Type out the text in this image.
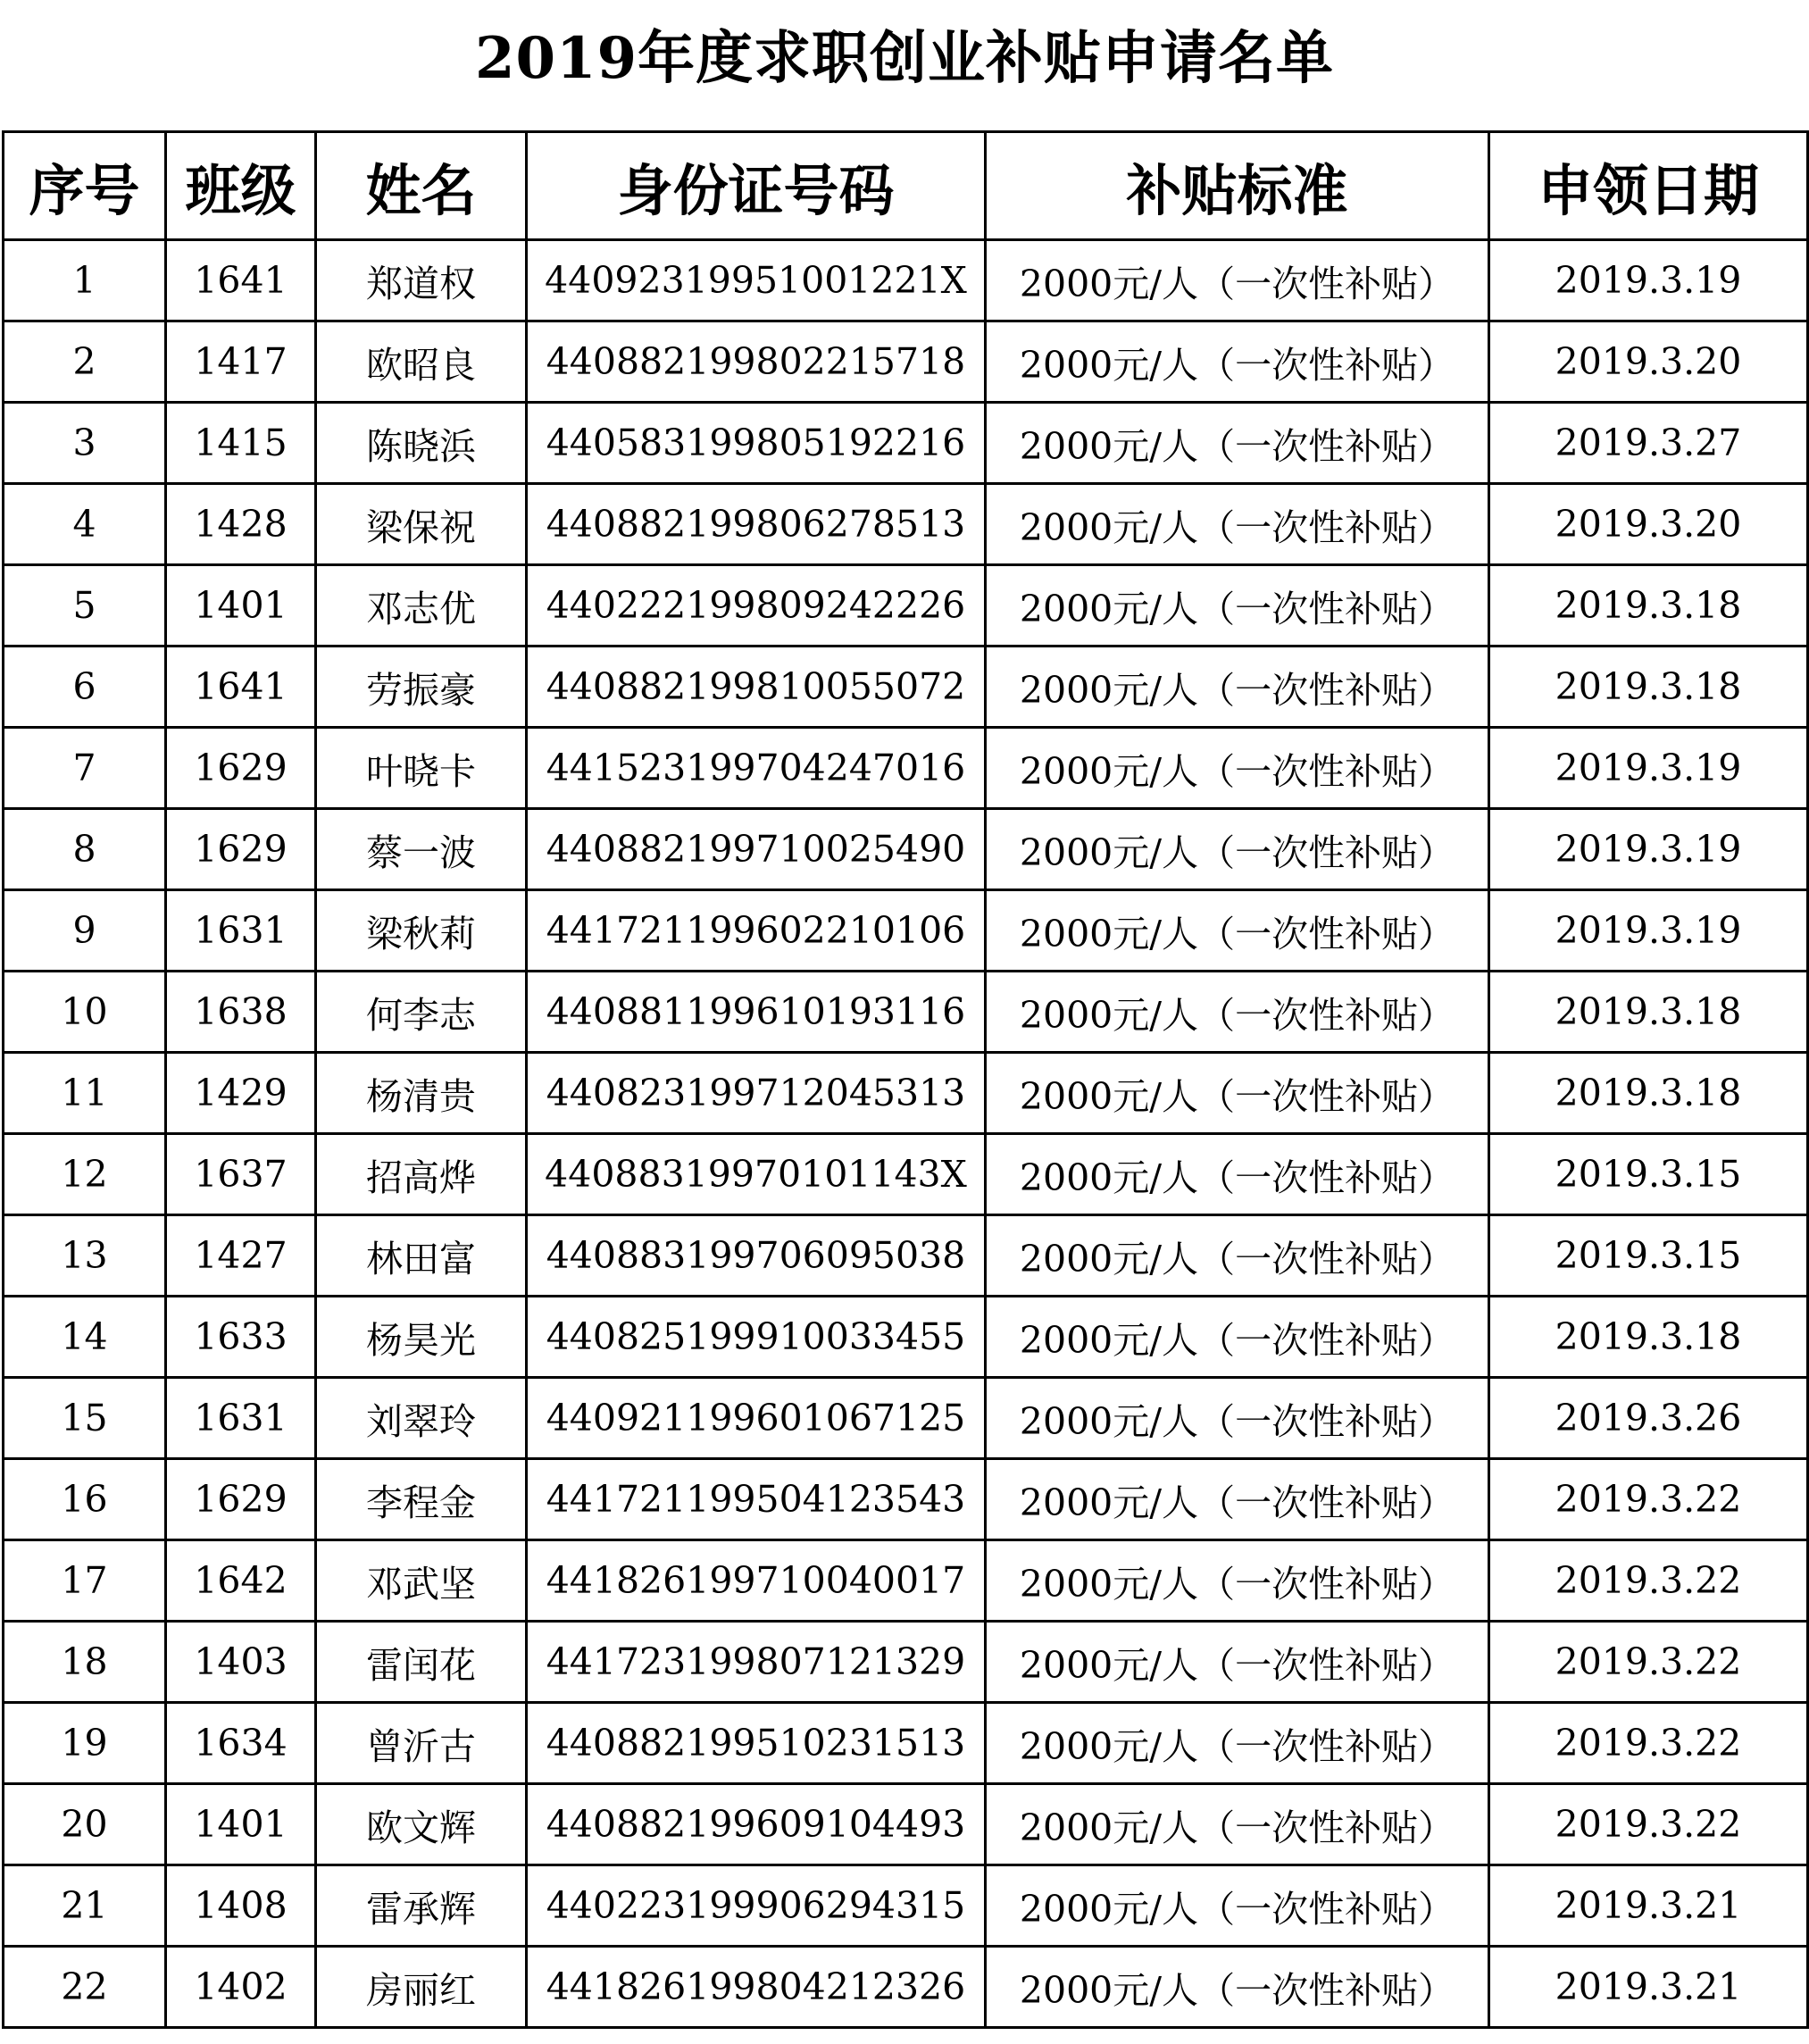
2019年度求职创业补贴申请名单
序号	班级	姓名	身份证号码	补贴标准	申领日期
1	1641	郑道权	44092319951001221X	2000元/人（一次性补贴）	2019.3.19
2	1417	欧昭良	440882199802215718	2000元/人（一次性补贴）	2019.3.20
3	1415	陈晓浜	440583199805192216	2000元/人（一次性补贴）	2019.3.27
4	1428	梁保祝	440882199806278513	2000元/人（一次性补贴）	2019.3.20
5	1401	邓志优	440222199809242226	2000元/人（一次性补贴）	2019.3.18
6	1641	劳振豪	440882199810055072	2000元/人（一次性补贴）	2019.3.18
7	1629	叶晓卡	441523199704247016	2000元/人（一次性补贴）	2019.3.19
8	1629	蔡一波	440882199710025490	2000元/人（一次性补贴）	2019.3.19
9	1631	梁秋莉	441721199602210106	2000元/人（一次性补贴）	2019.3.19
10	1638	何李志	440881199610193116	2000元/人（一次性补贴）	2019.3.18
11	1429	杨清贵	440823199712045313	2000元/人（一次性补贴）	2019.3.18
12	1637	招高烨	44088319970101143X	2000元/人（一次性补贴）	2019.3.15
13	1427	林田富	440883199706095038	2000元/人（一次性补贴）	2019.3.15
14	1633	杨昊光	440825199910033455	2000元/人（一次性补贴）	2019.3.18
15	1631	刘翠玲	440921199601067125	2000元/人（一次性补贴）	2019.3.26
16	1629	李程金	441721199504123543	2000元/人（一次性补贴）	2019.3.22
17	1642	邓武坚	441826199710040017	2000元/人（一次性补贴）	2019.3.22
18	1403	雷闰花	441723199807121329	2000元/人（一次性补贴）	2019.3.22
19	1634	曾沂古	440882199510231513	2000元/人（一次性补贴）	2019.3.22
20	1401	欧文辉	440882199609104493	2000元/人（一次性补贴）	2019.3.22
21	1408	雷承辉	440223199906294315	2000元/人（一次性补贴）	2019.3.21
22	1402	房丽红	441826199804212326	2000元/人（一次性补贴）	2019.3.21
